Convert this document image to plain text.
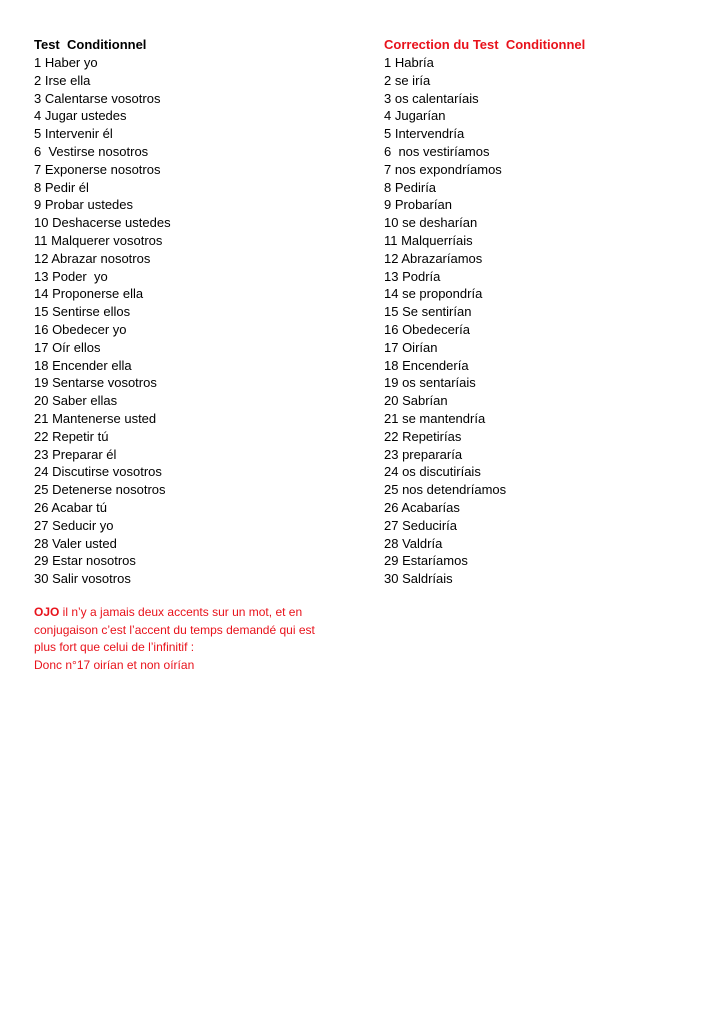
Test  Conditionnel
1 Haber yo
2 Irse ella
3 Calentarse vosotros
4 Jugar ustedes
5 Intervenir él
6  Vestirse nosotros
7 Exponerse nosotros
8 Pedir él
9 Probar ustedes
10 Deshacerse ustedes
11 Malquerer vosotros
12 Abrazar nosotros
13 Poder  yo
14 Proponerse ella
15 Sentirse ellos
16 Obedecer yo
17 Oír ellos
18 Encender ella
19 Sentarse vosotros
20 Saber ellas
21 Mantenerse usted
22 Repetir tú
23 Preparar él
24 Discutirse vosotros
25 Detenerse nosotros
26 Acabar tú
27 Seducir yo
28 Valer usted
29 Estar nosotros
30 Salir vosotros
Correction du Test  Conditionnel
1 Habría
2 se iría
3 os calentaríais
4 Jugarían
5 Intervendría
6  nos vestiríamos
7 nos expondríamos
8 Pediría
9 Probarían
10 se desharían
11 Malquerríais
12 Abrazaríamos
13 Podría
14 se propondría
15 Se sentirían
16 Obedecería
17 Oirían
18 Encendería
19 os sentaríais
20 Sabrían
21 se mantendría
22 Repetirías
23 prepararía
24 os discutiríais
25 nos detendríamos
26 Acabarías
27 Seduciría
28 Valdría
29 Estaríamos
30 Saldríais
OJO il n’y a jamais deux accents sur un mot, et en
conjugaison c’est l’accent du temps demandé qui est
plus fort que celui de l’infinitif :
Donc n°17 oirían et non oírían
